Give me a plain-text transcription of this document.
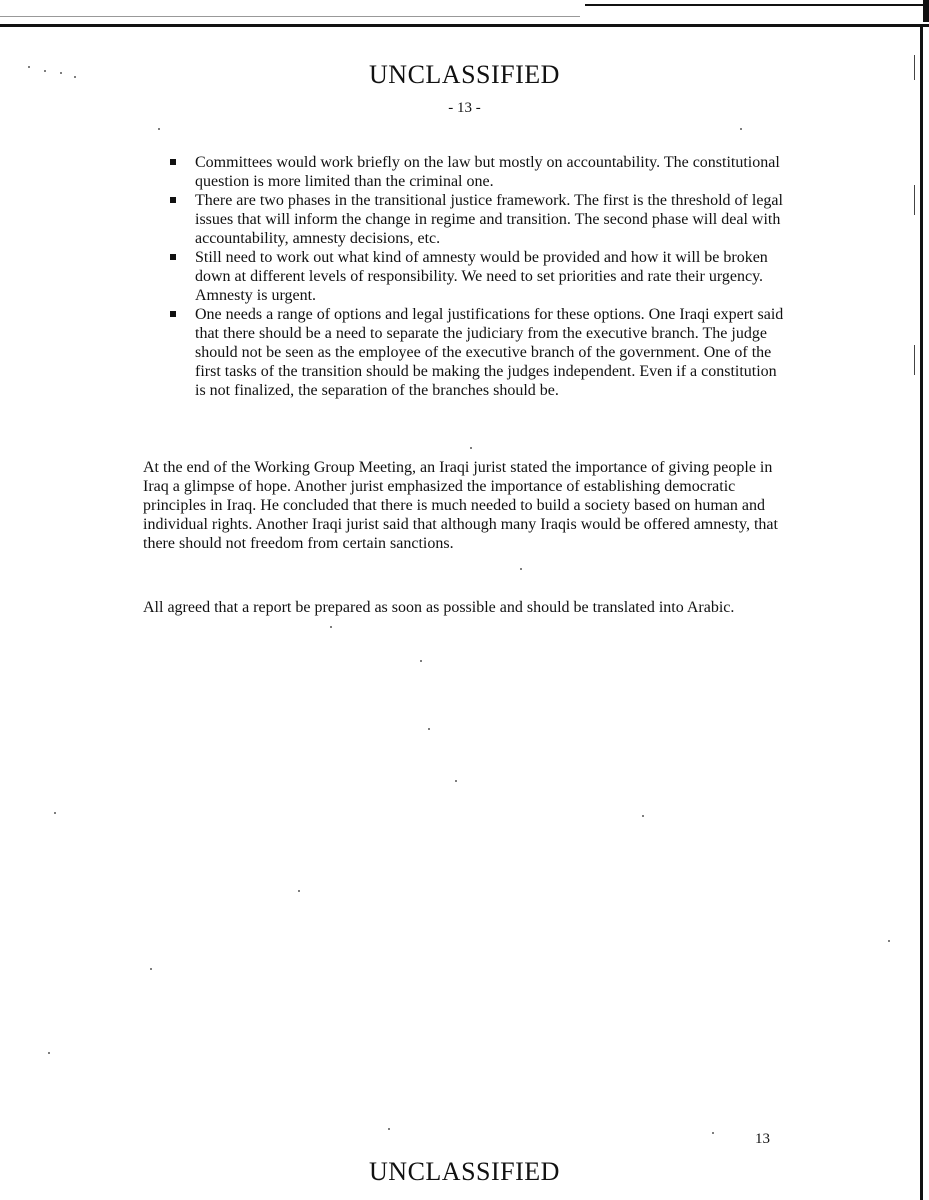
UNCLASSIFIED
- 13 -
Committees would work briefly on the law but mostly on accountability. The constitutional question is more limited than the criminal one.
There are two phases in the transitional justice framework. The first is the threshold of legal issues that will inform the change in regime and transition. The second phase will deal with accountability, amnesty decisions, etc.
Still need to work out what kind of amnesty would be provided and how it will be broken down at different levels of responsibility. We need to set priorities and rate their urgency. Amnesty is urgent.
One needs a range of options and legal justifications for these options. One Iraqi expert said that there should be a need to separate the judiciary from the executive branch. The judge should not be seen as the employee of the executive branch of the government. One of the first tasks of the transition should be making the judges independent. Even if a constitution is not finalized, the separation of the branches should be.

At the end of the Working Group Meeting, an Iraqi jurist stated the importance of giving people in Iraq a glimpse of hope. Another jurist emphasized the importance of establishing democratic principles in Iraq. He concluded that there is much needed to build a society based on human and individual rights. Another Iraqi jurist said that although many Iraqis would be offered amnesty, that there should not freedom from certain sanctions.

All agreed that a report be prepared as soon as possible and should be translated into Arabic.

13
UNCLASSIFIED
